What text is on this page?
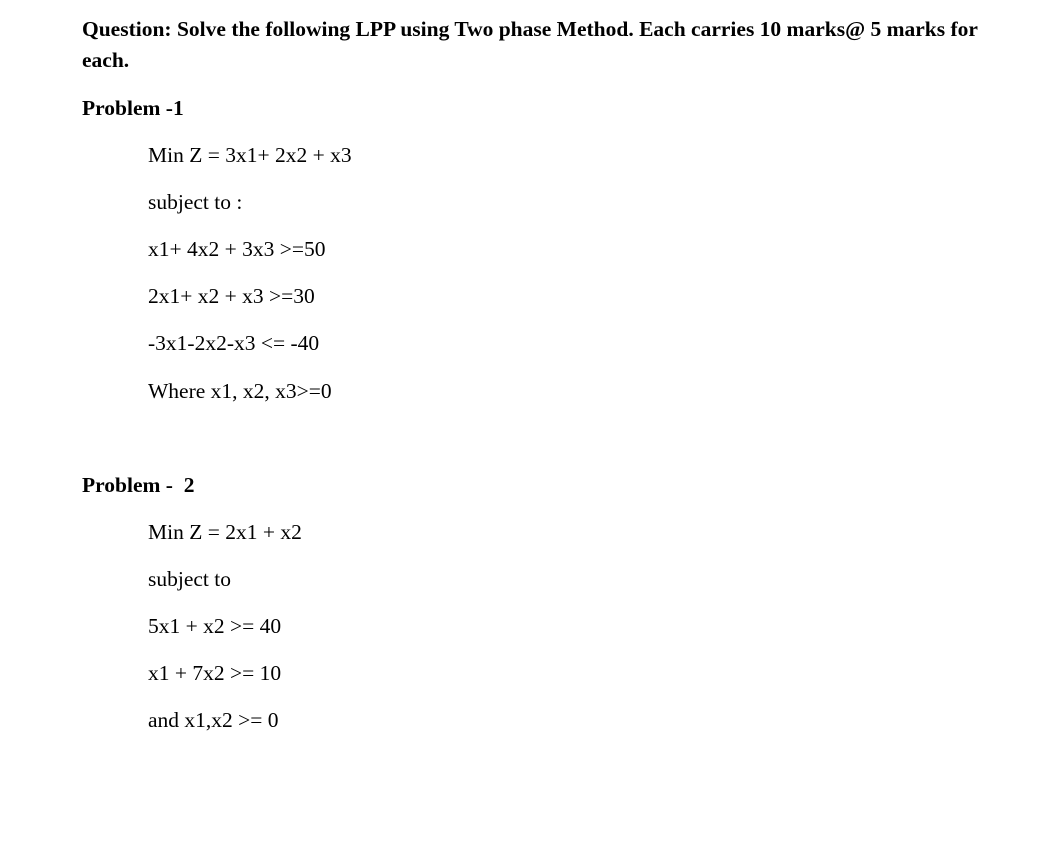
Question: Solve the following LPP using Two phase Method. Each carries 10 marks@ 5 marks for each.
Problem -1
Min Z = 3x1+ 2x2 + x3
subject to :
x1+ 4x2 + 3x3 >=50
2x1+ x2 + x3 >=30
-3x1-2x2-x3 <= -40
Where x1, x2, x3>=0
Problem -  2
Min Z = 2x1 + x2
subject to
5x1 + x2 >= 40
x1 + 7x2 >= 10
and x1,x2 >= 0
